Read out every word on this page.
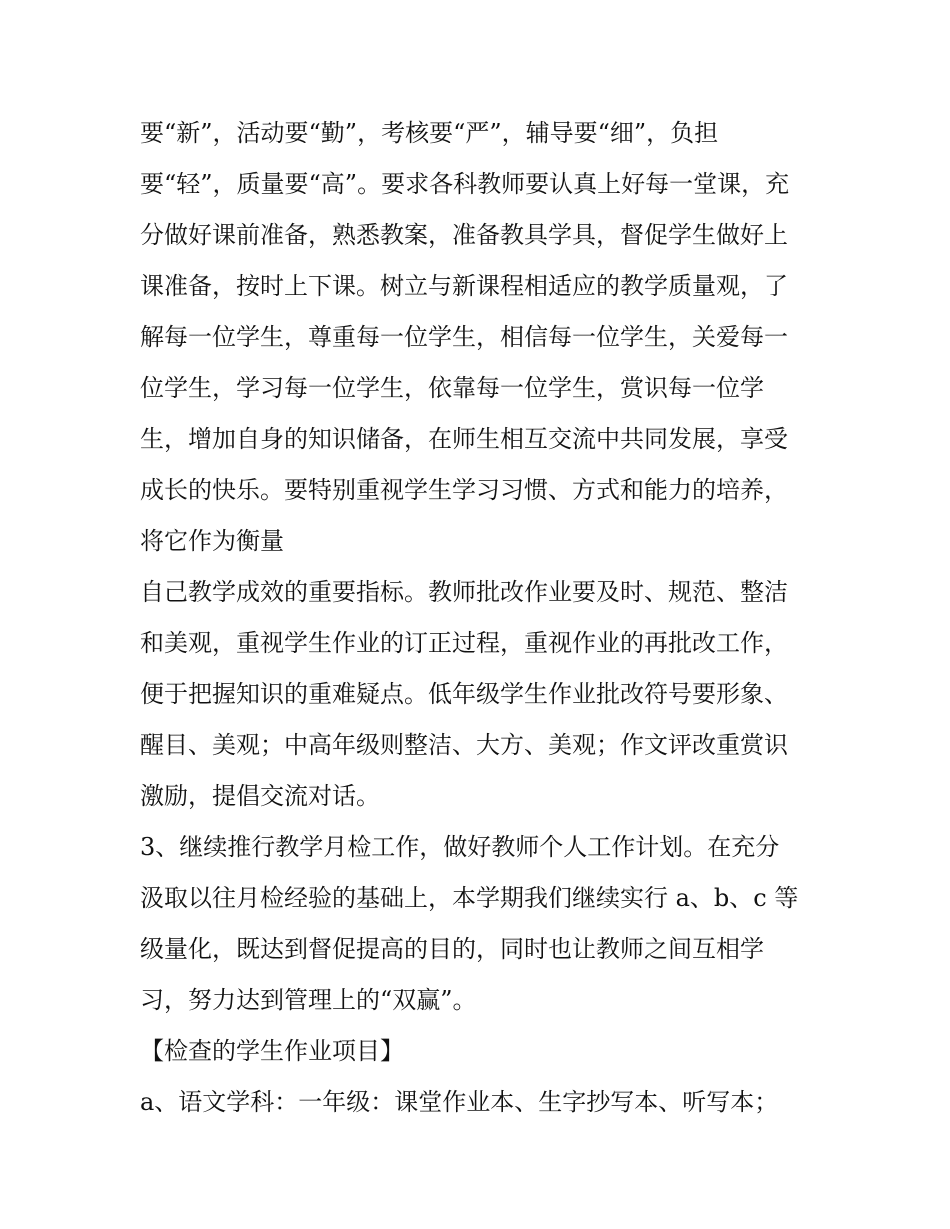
要“新”，活动要“勤”，考核要“严”，辅导要“细”，负担
要“轻”，质量要“高”。要求各科教师要认真上好每一堂课，充
分做好课前准备，熟悉教案，准备教具学具，督促学生做好上
课准备，按时上下课。树立与新课程相适应的教学质量观，了
解每一位学生，尊重每一位学生，相信每一位学生，关爱每一
位学生，学习每一位学生，依靠每一位学生，赏识每一位学
生，增加自身的知识储备，在师生相互交流中共同发展，享受
成长的快乐。要特别重视学生学习习惯、方式和能力的培养，
将它作为衡量
自己教学成效的重要指标。教师批改作业要及时、规范、整洁
和美观，重视学生作业的订正过程，重视作业的再批改工作，
便于把握知识的重难疑点。低年级学生作业批改符号要形象、
醒目、美观；中高年级则整洁、大方、美观；作文评改重赏识
激励，提倡交流对话。
3、继续推行教学月检工作，做好教师个人工作计划。在充分
汲取以往月检经验的基础上，本学期我们继续实行 a、b、c 等
级量化，既达到督促提高的目的，同时也让教师之间互相学
习，努力达到管理上的“双赢”。
【检查的学生作业项目】
a、语文学科：一年级：课堂作业本、生字抄写本、听写本；
